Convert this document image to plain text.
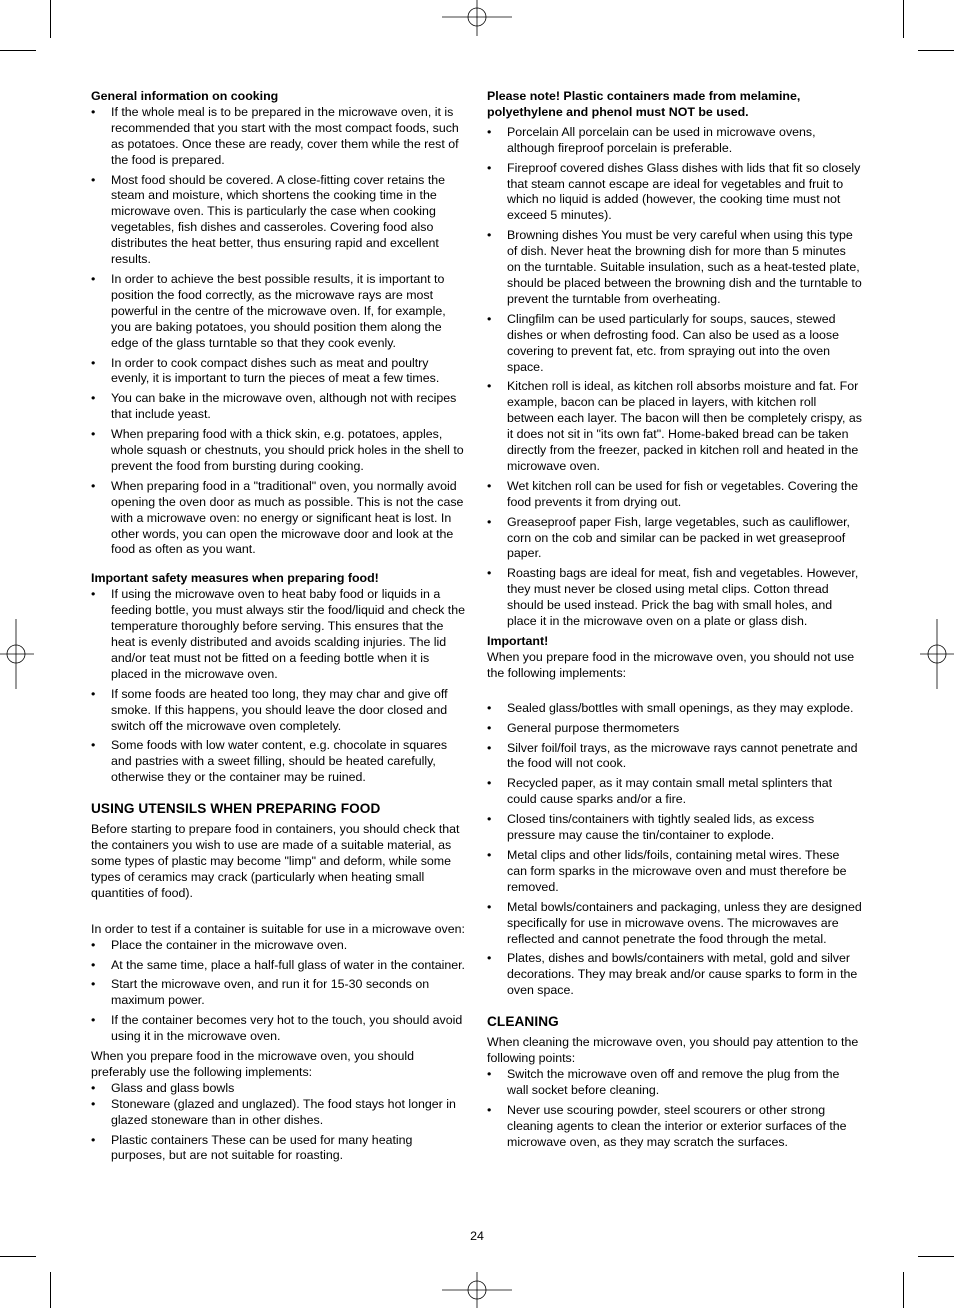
General information on cooking
• If the whole meal is to be prepared in the microwave oven, it is recommended that you start with the most compact foods, such as potatoes. Once these are ready, cover them while the rest of the food is prepared.
• Most food should be covered. A close-fitting cover retains the steam and moisture, which shortens the cooking time in the microwave oven. This is particularly the case when cooking vegetables, fish dishes and casseroles. Covering food also distributes the heat better, thus ensuring rapid and excellent results.
• In order to achieve the best possible results, it is important to position the food correctly, as the microwave rays are most powerful in the centre of the microwave oven. If, for example, you are baking potatoes, you should position them along the edge of the glass turntable so that they cook evenly.
• In order to cook compact dishes such as meat and poultry evenly, it is important to turn the pieces of meat a few times.
• You can bake in the microwave oven, although not with recipes that include yeast.
• When preparing food with a thick skin, e.g. potatoes, apples, whole squash or chestnuts, you should prick holes in the shell to prevent the food from bursting during cooking.
• When preparing food in a "traditional" oven, you normally avoid opening the oven door as much as possible. This is not the case with a microwave oven: no energy or significant heat is lost. In other words, you can open the microwave door and look at the food as often as you want.
Important safety measures when preparing food!
• If using the microwave oven to heat baby food or liquids in a feeding bottle, you must always stir the food/liquid and check the temperature thoroughly before serving. This ensures that the heat is evenly distributed and avoids scalding injuries. The lid and/or teat must not be fitted on a feeding bottle when it is placed in the microwave oven.
• If some foods are heated too long, they may char and give off smoke. If this happens, you should leave the door closed and switch off the microwave oven completely.
• Some foods with low water content, e.g. chocolate in squares and pastries with a sweet filling, should be heated carefully, otherwise they or the container may be ruined.
USING UTENSILS WHEN PREPARING FOOD

Before starting to prepare food in containers, you should check that the containers you wish to use are made of a suitable material, as some types of plastic may become "limp" and deform, while some types of ceramics may crack (particularly when heating small quantities of food).

In order to test if a container is suitable for use in a microwave oven:

• Place the container in the microwave oven.
• At the same time, place a half-full glass of water in the container.
• Start the microwave oven, and run it for 15-30 seconds on maximum power.
• If the container becomes very hot to the touch, you should avoid using it in the microwave oven.

When you prepare food in the microwave oven, you should preferably use the following implements:

• Glass and glass bowls
• Stoneware (glazed and unglazed). The food stays hot longer in glazed stoneware than in other dishes.
• Plastic containers These can be used for many heating purposes, but are not suitable for roasting.
Please note! Plastic containers made from melamine, polyethylene and phenol must NOT be used.
• Porcelain All porcelain can be used in microwave ovens, although fireproof porcelain is preferable.
• Fireproof covered dishes Glass dishes with lids that fit so closely that steam cannot escape are ideal for vegetables and fruit to which no liquid is added (however, the cooking time must not exceed 5 minutes).
• Browning dishes You must be very careful when using this type of dish. Never heat the browning dish for more than 5 minutes on the turntable. Suitable insulation, such as a heat-tested plate, should be placed between the browning dish and the turntable to prevent the turntable from overheating.
• Clingfilm can be used particularly for soups, sauces, stewed dishes or when defrosting food. Can also be used as a loose covering to prevent fat, etc. from spraying out into the oven space.
• Kitchen roll is ideal, as kitchen roll absorbs moisture and fat. For example, bacon can be placed in layers, with kitchen roll between each layer. The bacon will then be completely crispy, as it does not sit in "its own fat". Home-baked bread can be taken directly from the freezer, packed in kitchen roll and heated in the microwave oven.
• Wet kitchen roll can be used for fish or vegetables. Covering the food prevents it from drying out.
• Greaseproof paper Fish, large vegetables, such as cauliflower, corn on the cob and similar can be packed in wet greaseproof paper.
• Roasting bags are ideal for meat, fish and vegetables. However, they must never be closed using metal clips. Cotton thread should be used instead. Prick the bag with small holes, and place it in the microwave oven on a plate or glass dish.
Important!

When you prepare food in the microwave oven, you should not use the following implements:

• Sealed glass/bottles with small openings, as they may explode.
• General purpose thermometers
• Silver foil/foil trays, as the microwave rays cannot penetrate and the food will not cook.
• Recycled paper, as it may contain small metal splinters that could cause sparks and/or a fire.
• Closed tins/containers with tightly sealed lids, as excess pressure may cause the tin/container to explode.
• Metal clips and other lids/foils, containing metal wires. These can form sparks in the microwave oven and must therefore be removed.
• Metal bowls/containers and packaging, unless they are designed specifically for use in microwave ovens. The microwaves are reflected and cannot penetrate the food through the metal.
• Plates, dishes and bowls/containers with metal, gold and silver decorations. They may break and/or cause sparks to form in the oven space.
CLEANING

When cleaning the microwave oven, you should pay attention to the following points:

• Switch the microwave oven off and remove the plug from the wall socket before cleaning.
• Never use scouring powder, steel scourers or other strong cleaning agents to clean the interior or exterior surfaces of the microwave oven, as they may scratch the surfaces.
24
